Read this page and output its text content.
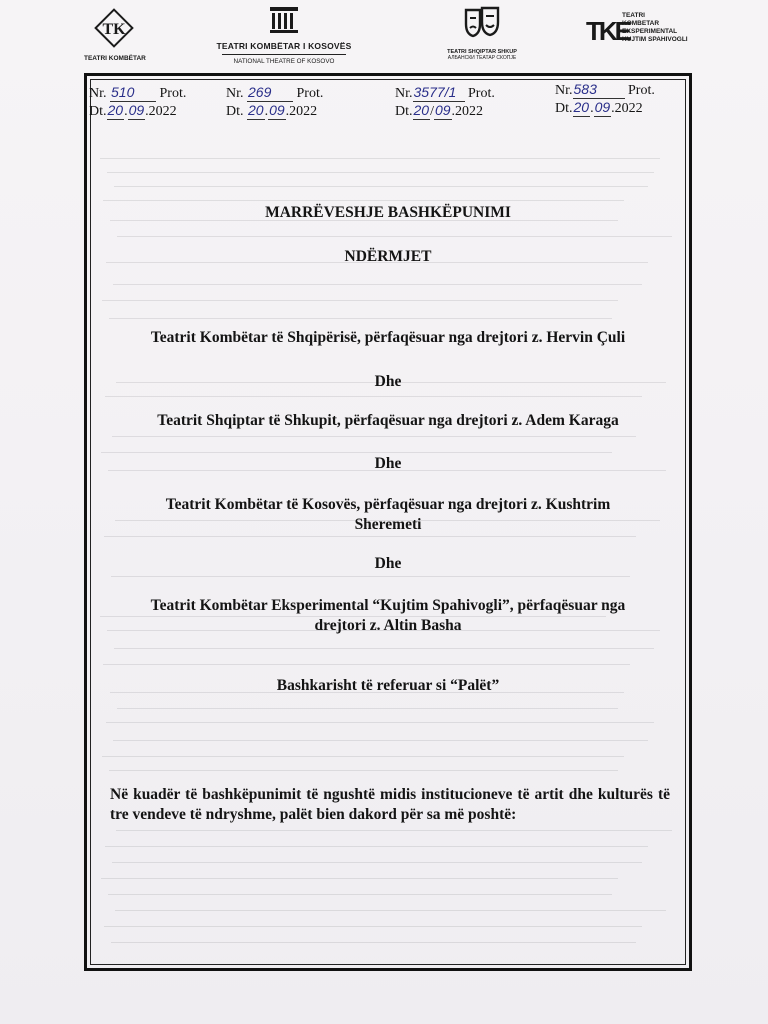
TK
TEATRI KOMBËTAR
TEATRI KOMBËTAR I KOSOVËS
NATIONAL THEATRE OF KOSOVO
TEATRI SHQIPTAR SHKUP
АЛБАНСКИ ТЕАТАР СКОПЈЕ
TKE
TEATRI
KOMBETAR
EKSPERIMENTAL
KUJTIM SPAHIVOGLI
Nr. 510 Prot.
Dt.20.09.2022
Nr. 269 Prot.
Dt. 20.09.2022
Nr.3577/1 Prot.
Dt.20/09.2022
Nr.583 Prot.
Dt.20.09.2022
MARRËVESHJE BASHKËPUNIMI
NDËRMJET
Teatrit Kombëtar të Shqipërisë, përfaqësuar nga drejtori z. Hervin Çuli
Dhe
Teatrit Shqiptar të Shkupit, përfaqësuar nga drejtori z. Adem Karaga
Dhe
Teatrit Kombëtar të Kosovës, përfaqësuar nga drejtori z. Kushtrim
Sheremeti
Dhe
Teatrit Kombëtar Eksperimental “Kujtim Spahivogli”, përfaqësuar nga
drejtori z. Altin Basha
Bashkarisht të referuar si “Palët”
Në kuadër të bashkëpunimit të ngushtë midis institucioneve të artit dhe kulturës të tre vendeve të ndryshme, palët bien dakord për sa më poshtë:
